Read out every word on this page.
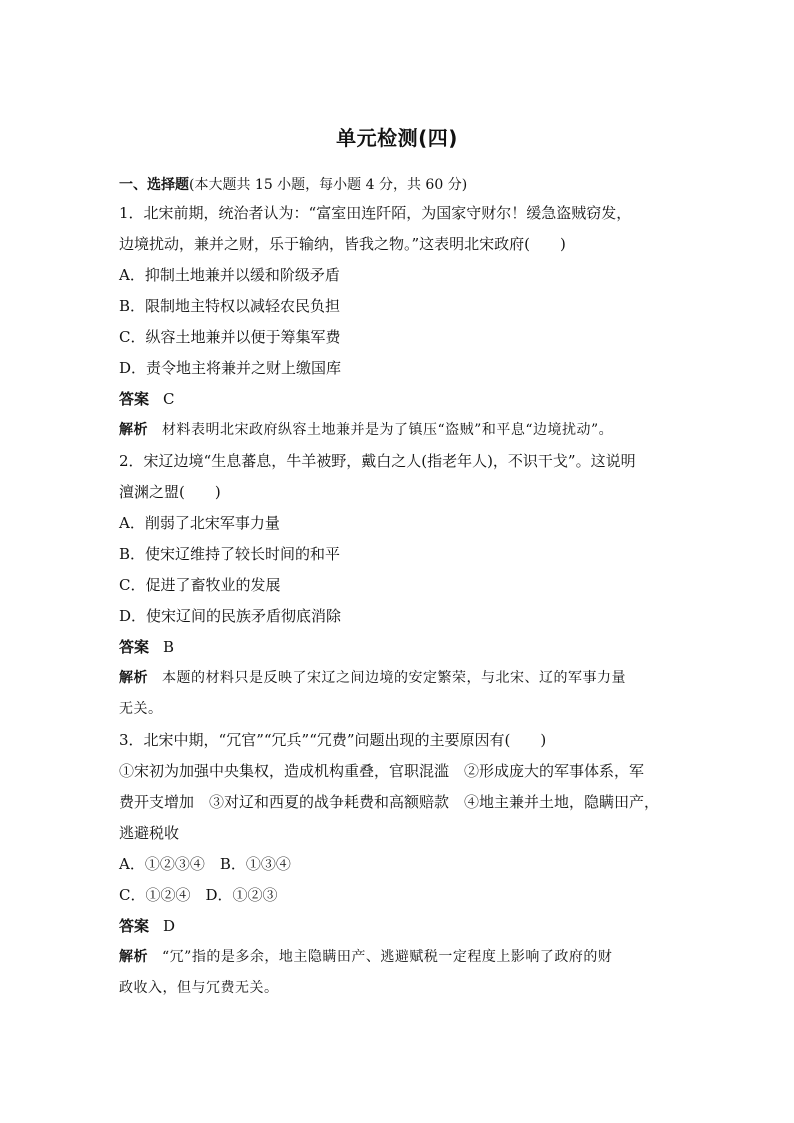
单元检测(四)
一、选择题(本大题共 15 小题，每小题 4 分，共 60 分)
1．北宋前期，统治者认为：“富室田连阡陌，为国家守财尔！缓急盗贼窃发，
边境扰动，兼并之财，乐于输纳，皆我之物。”这表明北宋政府(　　)
A．抑制土地兼并以缓和阶级矛盾
B．限制地主特权以减轻农民负担
C．纵容土地兼并以便于筹集军费
D．责令地主将兼并之财上缴国库
答案 C
解析 材料表明北宋政府纵容土地兼并是为了镇压“盗贼”和平息“边境扰动”。
2．宋辽边境“生息蕃息，牛羊被野，戴白之人(指老年人)，不识干戈”。这说明
澶渊之盟(　　)
A．削弱了北宋军事力量
B．使宋辽维持了较长时间的和平
C．促进了畜牧业的发展
D．使宋辽间的民族矛盾彻底消除
答案 B
解析 本题的材料只是反映了宋辽之间边境的安定繁荣，与北宋、辽的军事力量
无关。
3．北宋中期，“冗官”“冗兵”“冗费”问题出现的主要原因有(　　)
①宋初为加强中央集权，造成机构重叠，官职混滥　②形成庞大的军事体系，军
费开支增加　③对辽和西夏的战争耗费和高额赔款　④地主兼并土地，隐瞒田产，
逃避税收
A．①②③④　B．①③④
C．①②④　D．①②③
答案 D
解析 “冗”指的是多余，地主隐瞒田产、逃避赋税一定程度上影响了政府的财
政收入，但与冗费无关。
